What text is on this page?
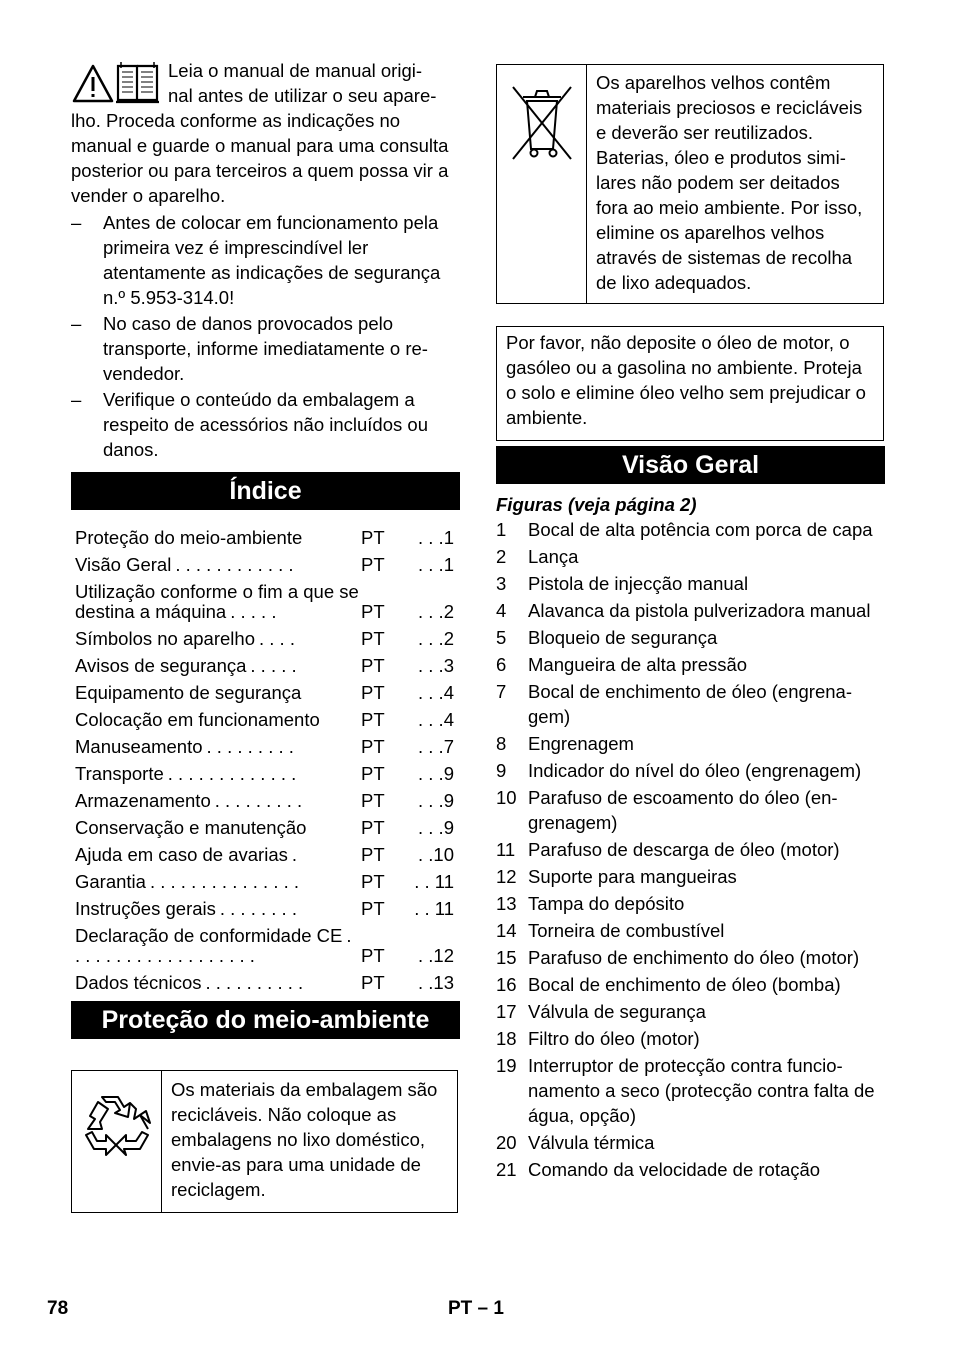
Leia o manual de manual origi-

nal antes de utilizar o seu apare-

lho. Proceda conforme as indicações no manual e guarde o manual para uma consulta posterior ou para terceiros a quem possa vir a vender o aparelho.

– Antes de colocar em funcionamento pela primeira vez é imprescindível ler atentamente as indicações de segurança n.º 5.953-314.0!
– No caso de danos provocados pelo transporte, informe imediatamente o revendedor.
– Verifique o conteúdo da embalagem a respeito de acessórios não incluídos ou danos.
Índice
Proteção do meio-ambiente	PT	. . .1
Visão Geral . . . . . . . . . . . .	PT	. . .1
Utilização conforme o fim a que se destina a máquina . . . . .	PT	. . .2
Símbolos no aparelho . . . .	PT	. . .2
Avisos de segurança . . . . .	PT	. . .3
Equipamento de segurança	PT	. . .4
Colocação em funcionamento	PT	. . .4
Manuseamento . . . . . . . . .	PT	. . .7
Transporte . . . . . . . . . . . . .	PT	. . .9
Armazenamento . . . . . . . . .	PT	. . .9
Conservação e manutenção	PT	. . .9
Ajuda em caso de avarias .	PT	. .10
Garantia . . . . . . . . . . . . . . .	PT	. . 11
Instruções gerais . . . . . . . .	PT	. . 11
Declaração de conformidade CE . . . . . . . . . . . . . . . . . . .	PT	. .12
Dados técnicos . . . . . . . . . .	PT	. .13
Proteção do meio-ambiente
Os materiais da embalagem são recicláveis. Não coloque as embalagens no lixo doméstico, envie-as para uma unidade de reciclagem.
Os aparelhos velhos contêm materiais preciosos e recicláveis e deverão ser reutilizados. Baterias, óleo e produtos similares não podem ser deitados fora ao meio ambiente. Por isso, elimine os aparelhos velhos através de sistemas de recolha de lixo adequados.
Por favor, não deposite o óleo de motor, o gasóleo ou a gasolina no ambiente. Proteja o solo e elimine óleo velho sem prejudicar o ambiente.
Visão Geral
Figuras (veja página 2)
1 Bocal de alta potência com porca de capa
2 Lança
3 Pistola de injecção manual
4 Alavanca da pistola pulverizadora manual
5 Bloqueio de segurança
6 Mangueira de alta pressão
7 Bocal de enchimento de óleo (engrenagem)
8 Engrenagem
9 Indicador do nível do óleo (engrenagem)
10 Parafuso de escoamento do óleo (engrenagem)
11 Parafuso de descarga de óleo (motor)
12 Suporte para mangueiras
13 Tampa do depósito
14 Torneira de combustível
15 Parafuso de enchimento do óleo (motor)
16 Bocal de enchimento de óleo (bomba)
17 Válvula de segurança
18 Filtro do óleo (motor)
19 Interruptor de protecção contra funcionamento a seco (protecção contra falta de água, opção)
20 Válvula térmica
21 Comando da velocidade de rotação
78	PT – 1
